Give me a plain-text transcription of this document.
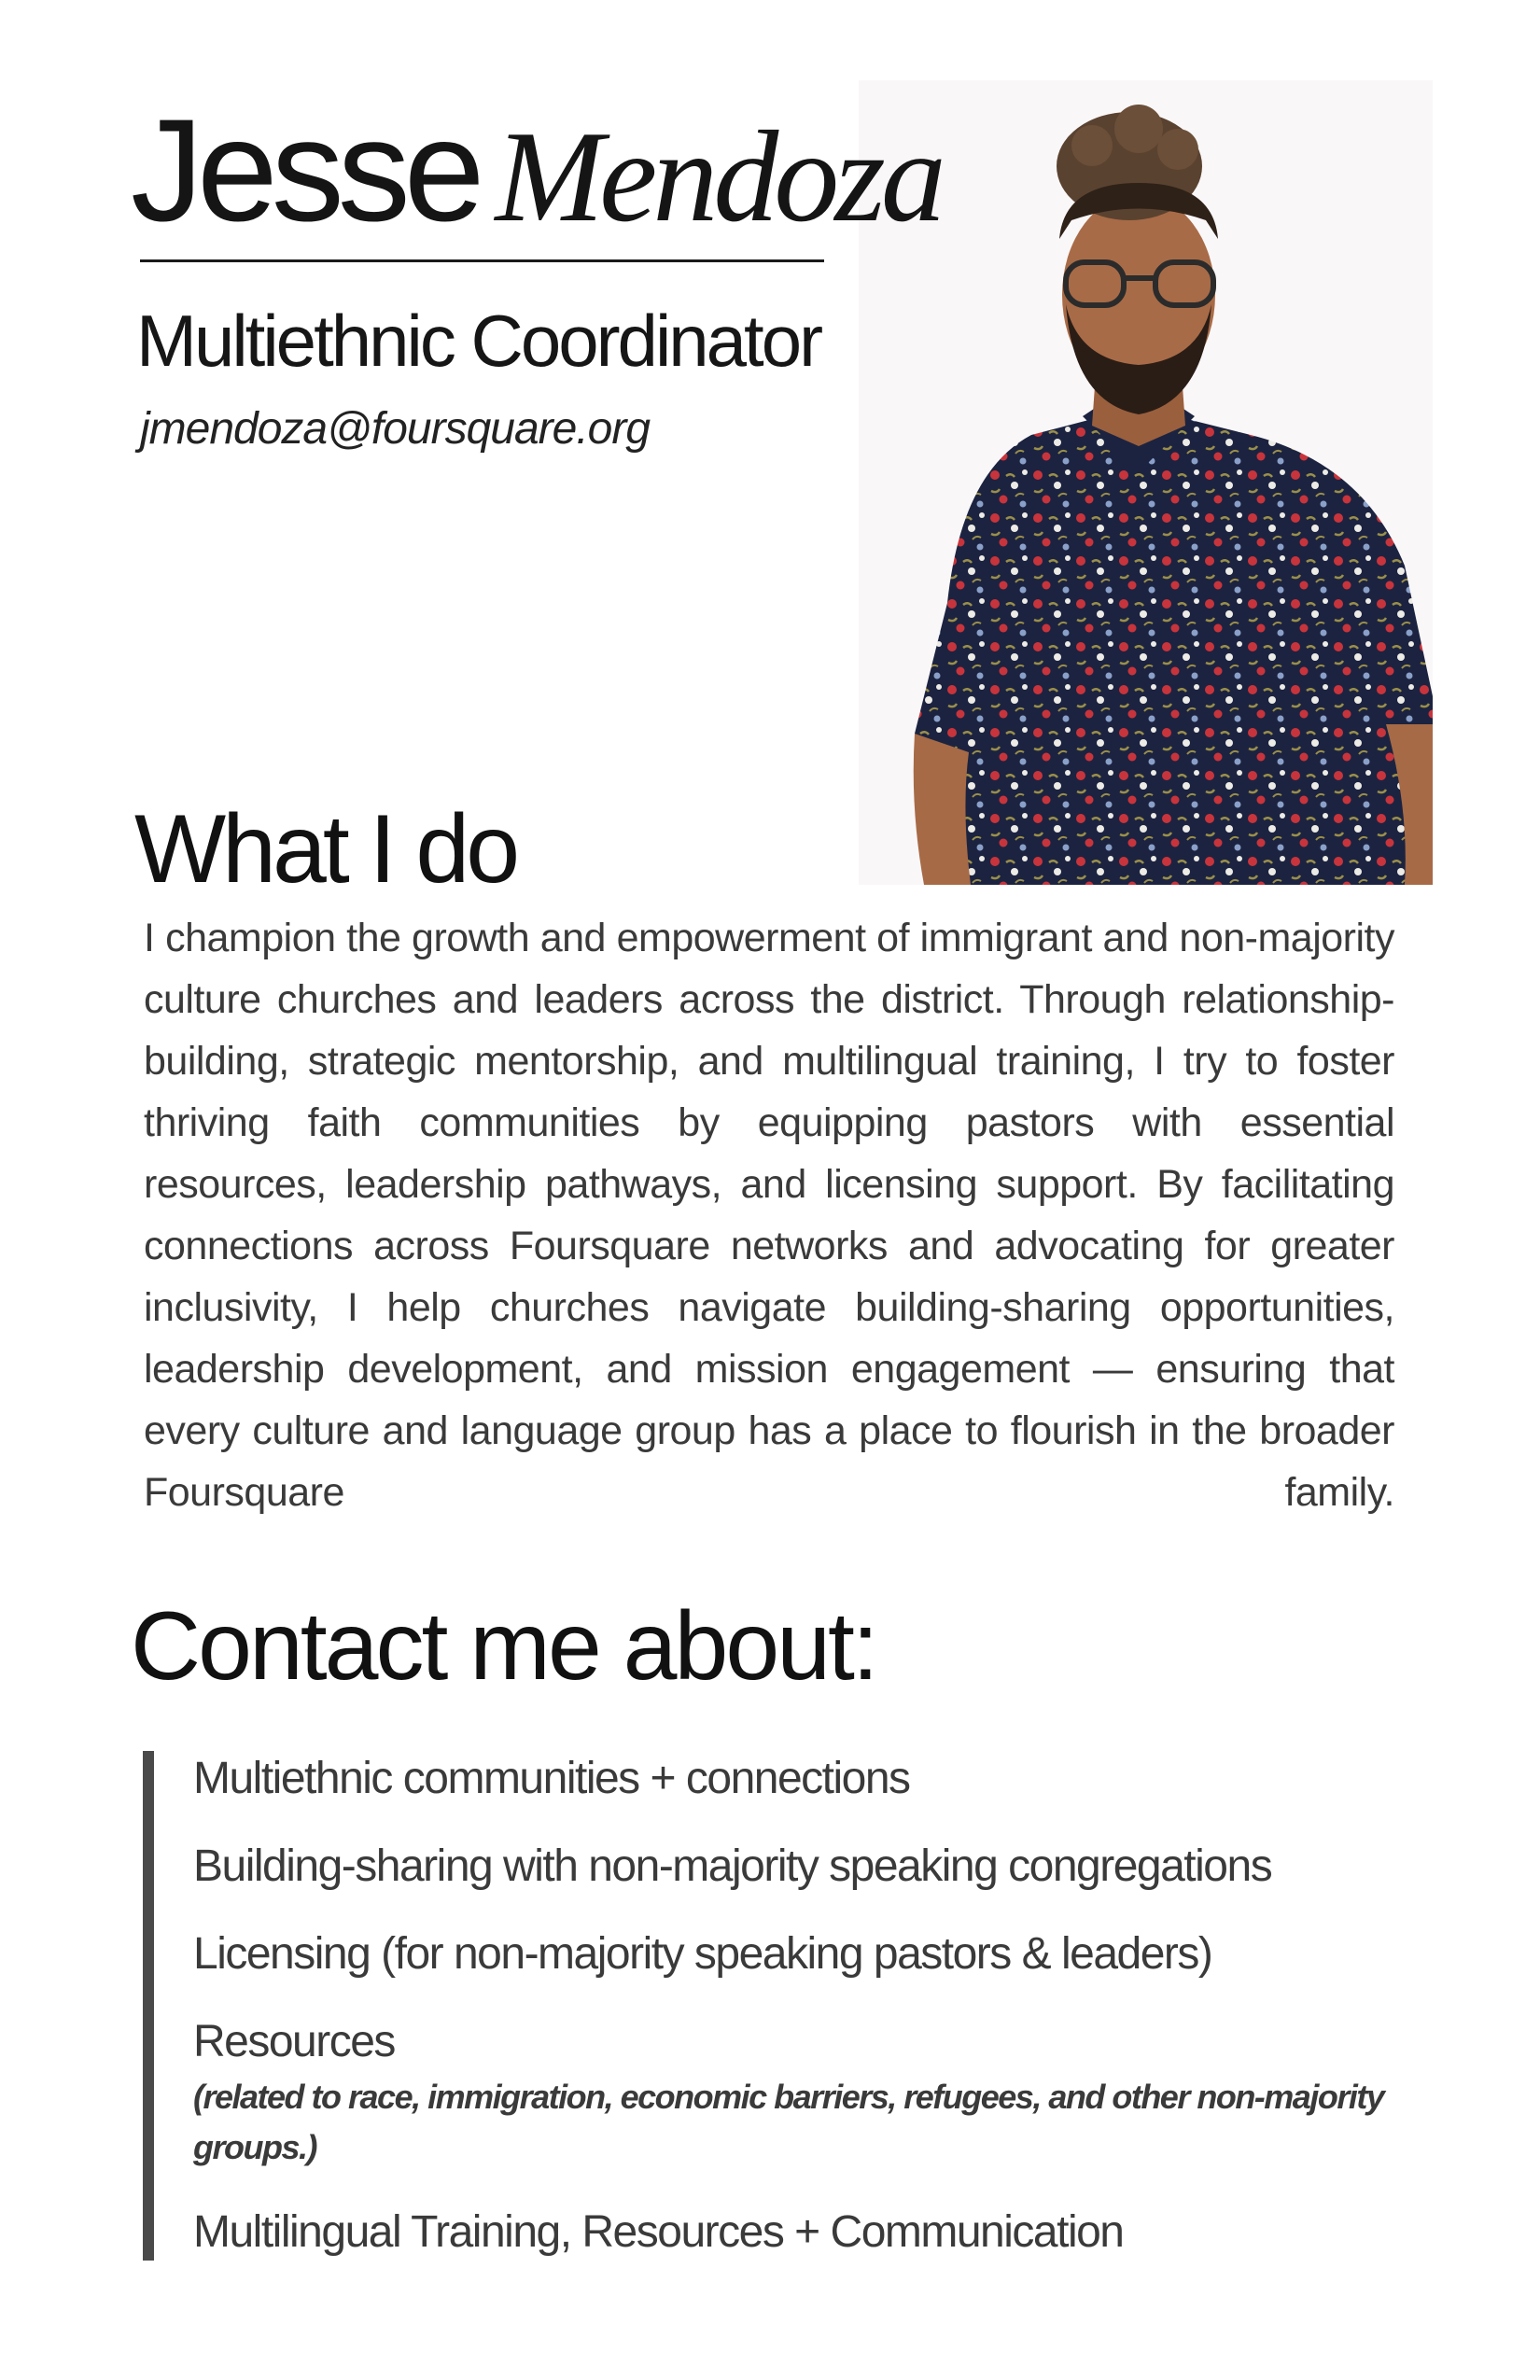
Jesse Mendoza
Multiethnic Coordinator
jmendoza@foursquare.org
What I do

I champion the growth and empowerment of immigrant and non-majority culture churches and leaders across the district. Through relationship-building, strategic mentorship, and multilingual training, I try to foster thriving faith communities by equipping pastors with essential resources, leadership pathways, and licensing support. By facilitating connections across Foursquare networks and advocating for greater inclusivity, I help churches navigate building-sharing opportunities, leadership development, and mission engagement — ensuring that every culture and language group has a place to flourish in the broader Foursquare family.

Contact me about:
Multiethnic communities + connections
Building-sharing with non-majority speaking congregations
Licensing (for non-majority speaking pastors & leaders)
Resources
(related to race, immigration, economic barriers, refugees, and other non-majority groups.)
Multilingual Training, Resources + Communication
